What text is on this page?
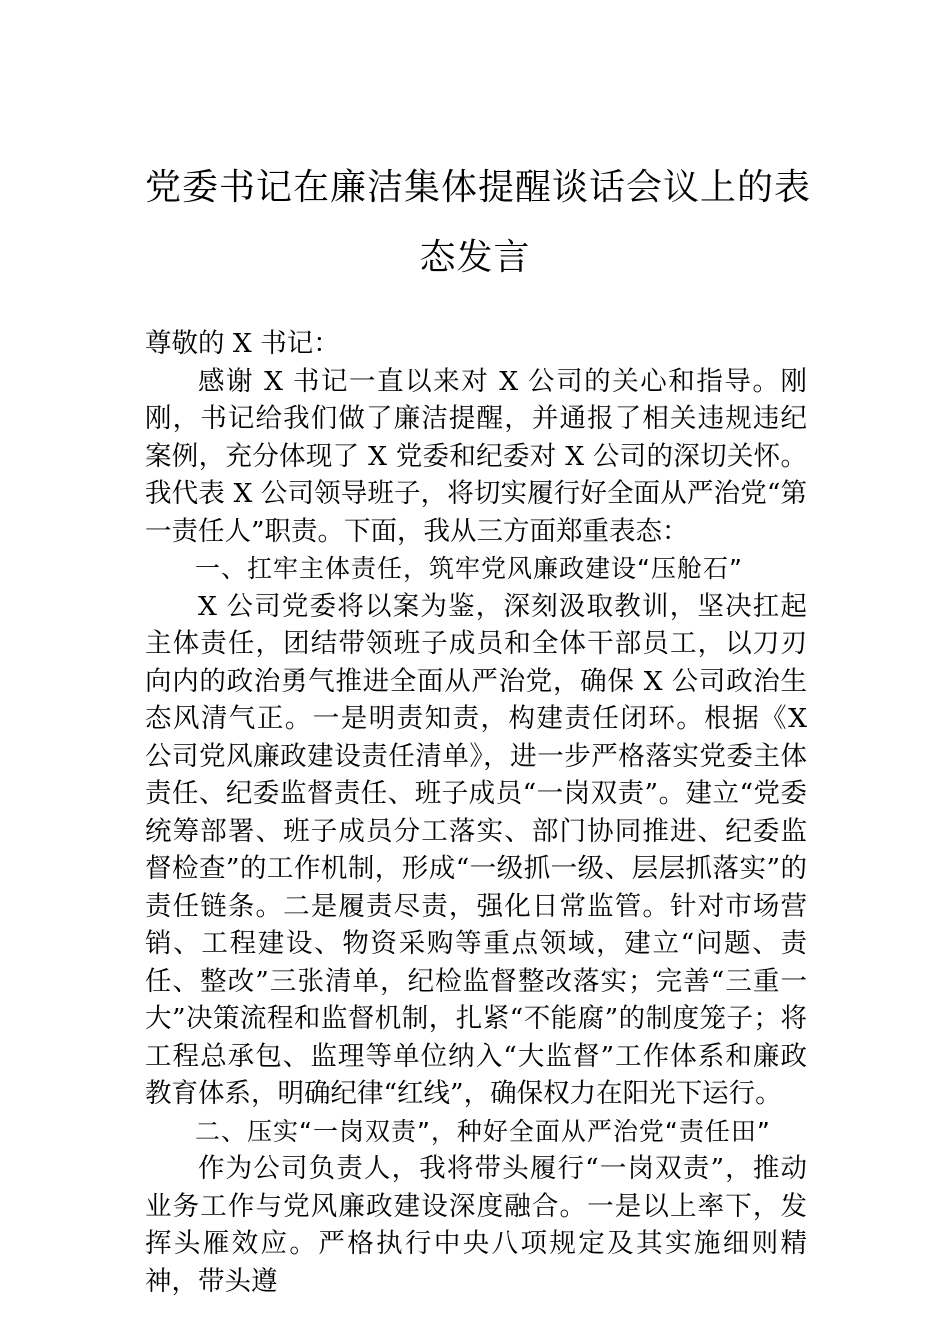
党委书记在廉洁集体提醒谈话会议上的表
态发言

尊敬的 X 书记：

感谢 X 书记一直以来对 X 公司的关心和指导。刚刚，书记给我们做了廉洁提醒，并通报了相关违规违纪案例，充分体现了 X 党委和纪委对 X 公司的深切关怀。我代表 X 公司领导班子，将切实履行好全面从严治党“第一责任人”职责。下面，我从三方面郑重表态：

一、扛牢主体责任，筑牢党风廉政建设“压舱石”

X 公司党委将以案为鉴，深刻汲取教训，坚决扛起主体责任，团结带领班子成员和全体干部员工，以刀刃向内的政治勇气推进全面从严治党，确保 X 公司政治生态风清气正。一是明责知责，构建责任闭环。根据《X 公司党风廉政建设责任清单》，进一步严格落实党委主体责任、纪委监督责任、班子成员“一岗双责”。建立“党委统筹部署、班子成员分工落实、部门协同推进、纪委监督检查”的工作机制，形成“一级抓一级、层层抓落实”的责任链条。二是履责尽责，强化日常监管。针对市场营销、工程建设、物资采购等重点领域，建立“问题、责任、整改”三张清单，纪检监督整改落实；完善“三重一大”决策流程和监督机制，扎紧“不能腐”的制度笼子；将工程总承包、监理等单位纳入“大监督”工作体系和廉政教育体系，明确纪律“红线”，确保权力在阳光下运行。

二、压实“一岗双责”，种好全面从严治党“责任田”

作为公司负责人，我将带头履行“一岗双责”，推动业务工作与党风廉政建设深度融合。一是以上率下，发挥头雁效应。严格执行中央八项规定及其实施细则精神，带头遵
